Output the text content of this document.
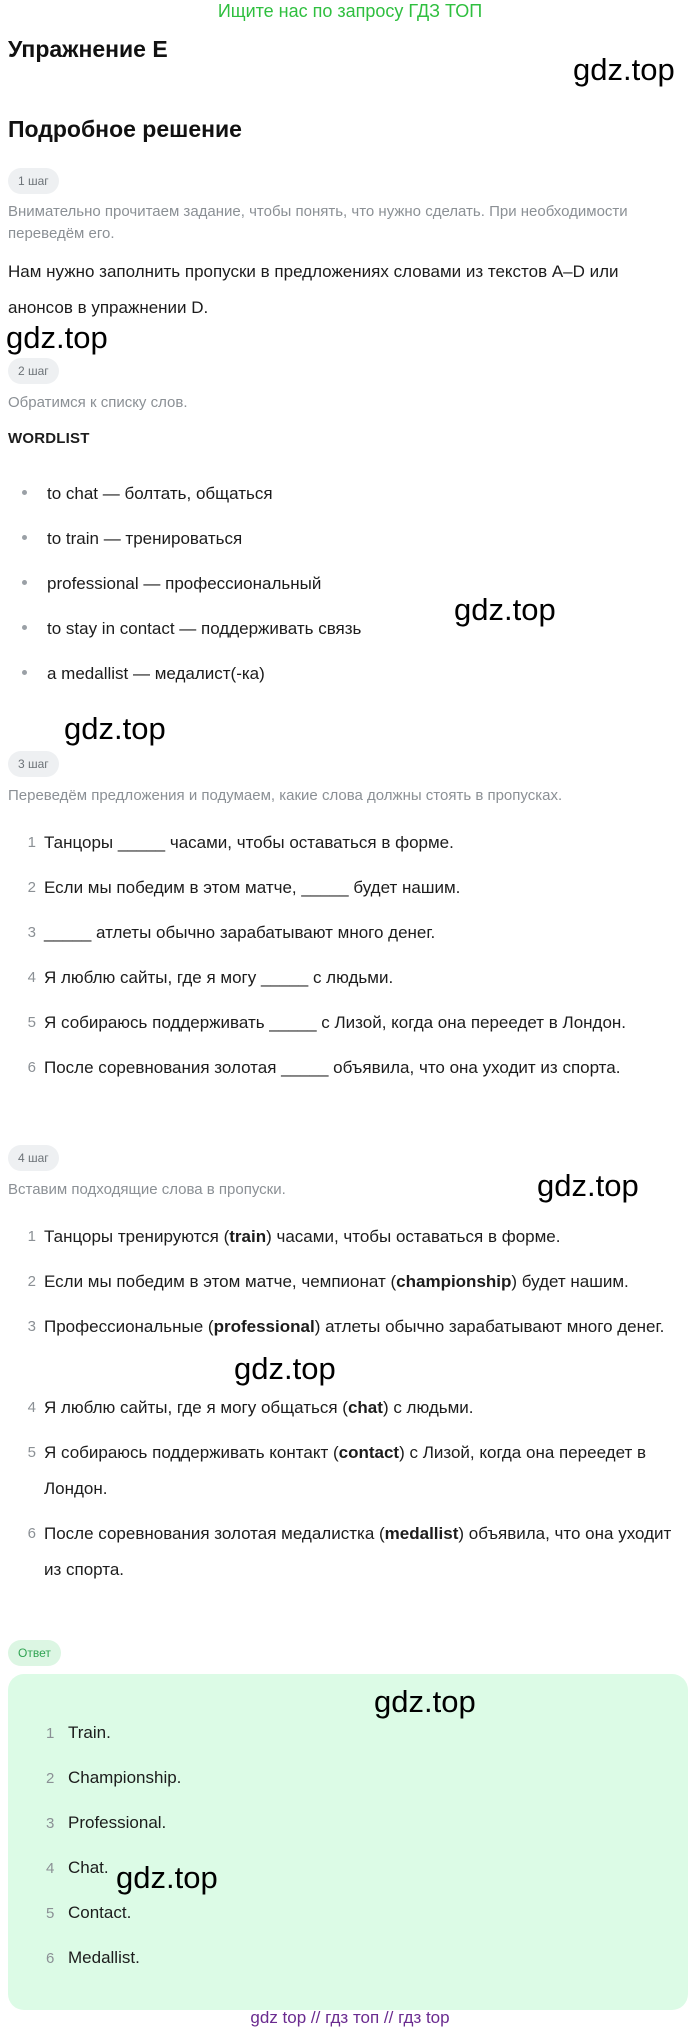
Ищите нас по запросу ГДЗ ТОП
Упражнение E
gdz.top
Подробное решение
1 шаг
Внимательно прочитаем задание, чтобы понять, что нужно сделать. При необходимости переведём его.
Нам нужно заполнить пропуски в предложениях словами из текстов A–D или анонсов в упражнении D.
gdz.top
2 шаг
Обратимся к списку слов.
WORDLIST
to chat — болтать, общаться
to train — тренироваться
professional — профессиональный
to stay in contact — поддерживать связь
a medallist — медалист(-ка)
gdz.top
gdz.top
3 шаг
Переведём предложения и подумаем, какие слова должны стоять в пропусках.
1 Танцоры _____ часами, чтобы оставаться в форме.
2 Если мы победим в этом матче, _____ будет нашим.
3 _____ атлеты обычно зарабатывают много денег.
4 Я люблю сайты, где я могу _____ с людьми.
5 Я собираюсь поддерживать _____ с Лизой, когда она переедет в Лондон.
6 После соревнования золотая _____ объявила, что она уходит из спорта.
4 шаг
Вставим подходящие слова в пропуски.	gdz.top
1 Танцоры тренируются (train) часами, чтобы оставаться в форме.
2 Если мы победим в этом матче, чемпионат (championship) будет нашим.
3 Профессиональные (professional) атлеты обычно зарабатывают много денег.
gdz.top
4 Я люблю сайты, где я могу общаться (chat) с людьми.
5 Я собираюсь поддерживать контакт (contact) с Лизой, когда она переедет в Лондон.
6 После соревнования золотая медалистка (medallist) объявила, что она уходит из спорта.
Ответ
gdz.top
1 Train.
2 Championship.
3 Professional.
4 Chat. gdz.top
5 Contact.
6 Medallist.
gdz top // гдз топ // гдз top
